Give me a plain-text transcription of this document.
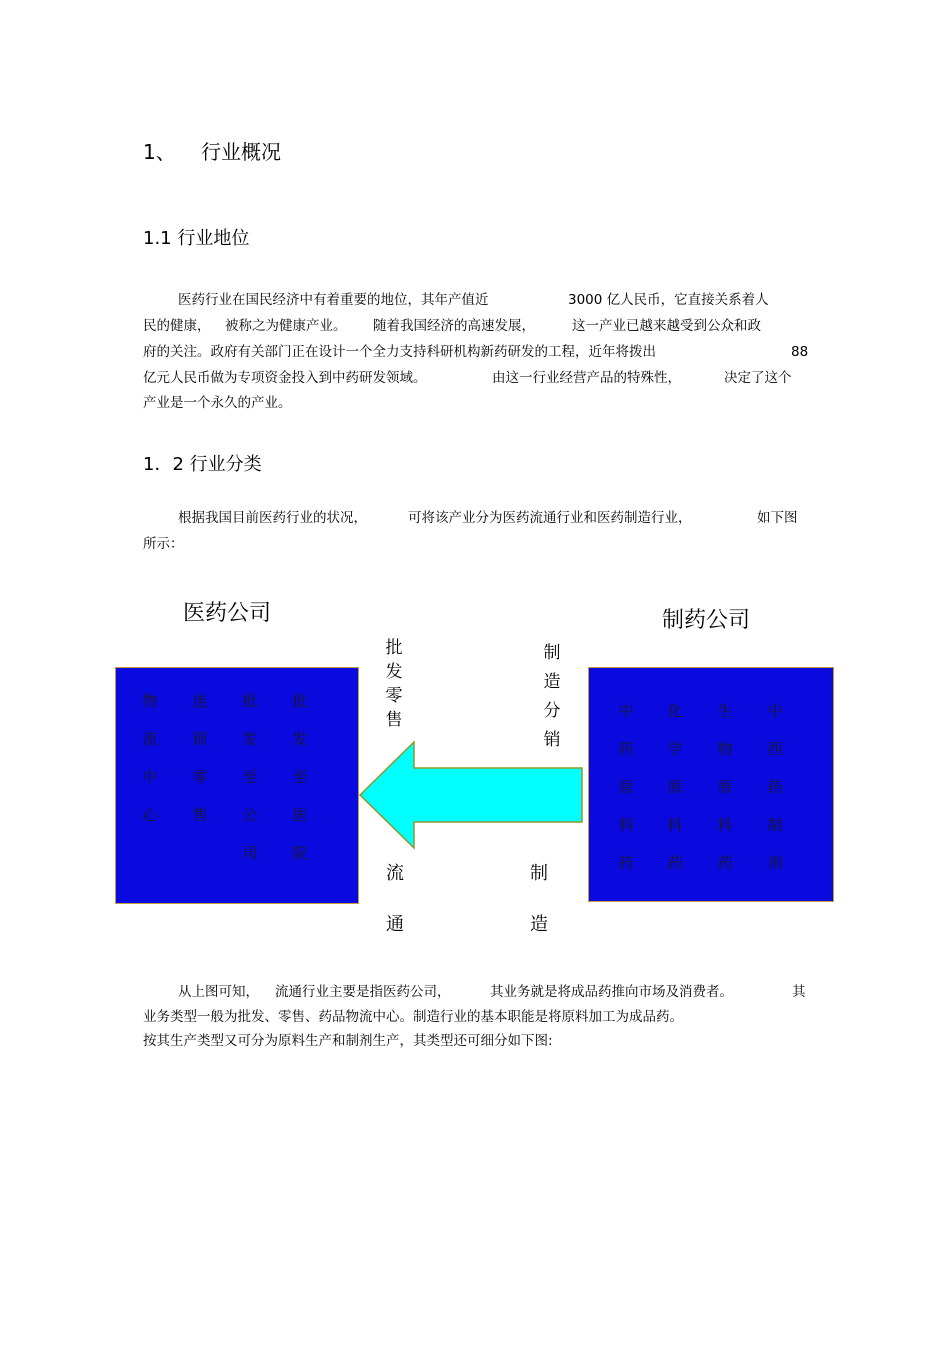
1、 行业概况
1.1 行业地位
医药行业在国民经济中有着重要的地位，其年产值近	3000 亿人民币，它直接关系着人
民的健康， 被称之为健康产业。 随着我国经济的高速发展，	这一产业已越来越受到公众和政
府的关注。政府有关部门正在设计一个全力支持科研机构新药研发的工程，近年将拨出	88
亿元人民币做为专项资金投入到中药研发领域。	由这一行业经营产品的特殊性，	决定了这个
产业是一个永久的产业。
1．2 行业分类
根据我国目前医药行业的状况，	可将该产业分为医药流通行业和医药制造行业，	如下图
所示：
医药公司	制药公司
批发零售
制造分销
流通
制造
物流中心
连锁零售
批发至公司
批发至医院
中药原料药
化学原料药
生物原料药
中西药制剂
从上图可知， 流通行业主要是指医药公司，	其业务就是将成品药推向市场及消费者。	其
业务类型一般为批发、零售、药品物流中心。制造行业的基本职能是将原料加工为成品药。
按其生产类型又可分为原料生产和制剂生产，其类型还可细分如下图:
